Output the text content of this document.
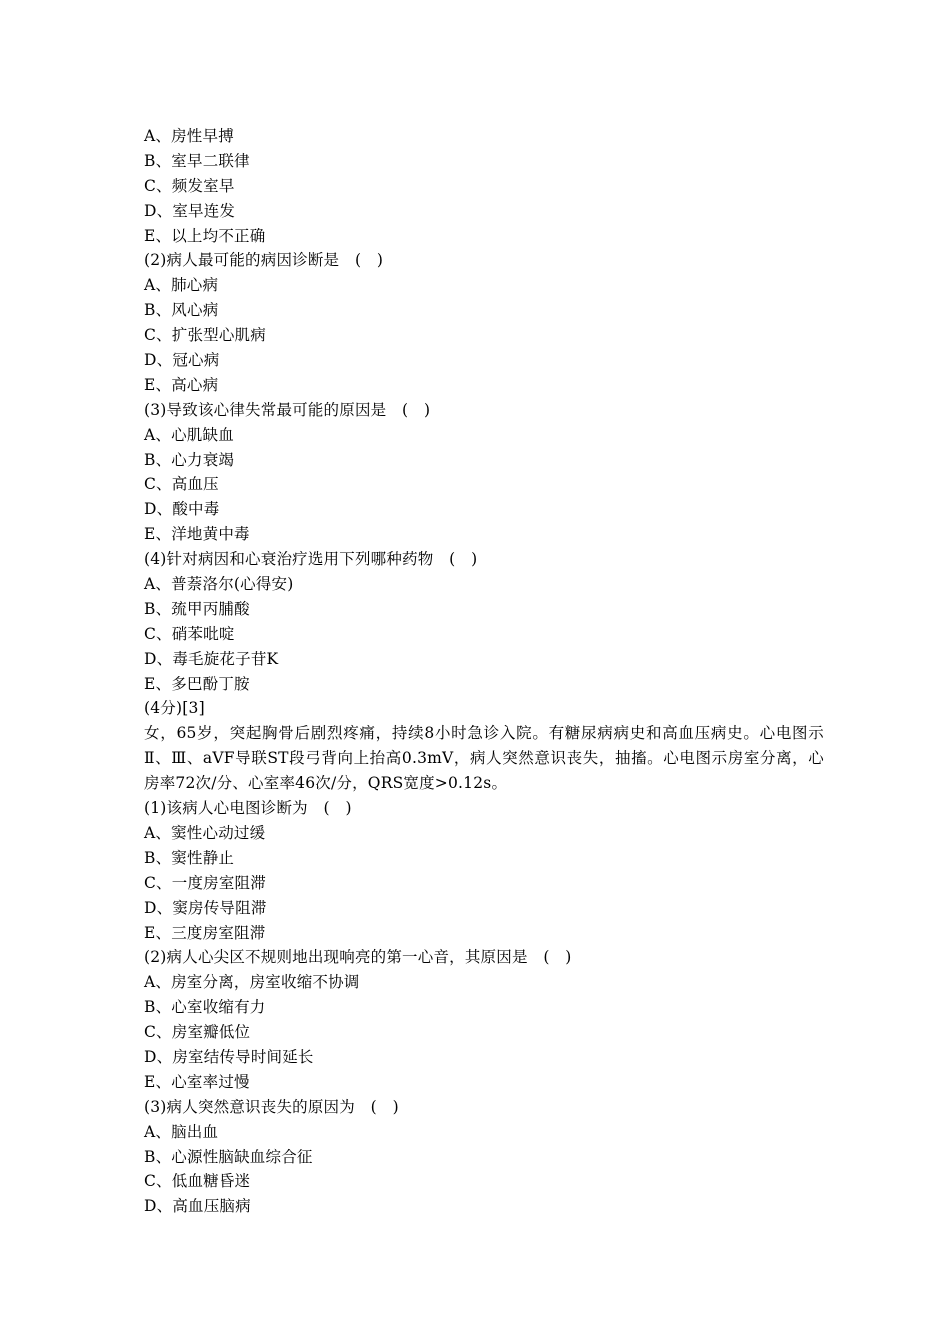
A、房性早搏
B、室早二联律
C、频发室早
D、室早连发
E、以上均不正确
(2)病人最可能的病因诊断是　(　)
A、肺心病
B、风心病
C、扩张型心肌病
D、冠心病
E、高心病
(3)导致该心律失常最可能的原因是　(　)
A、心肌缺血
B、心力衰竭
C、高血压
D、酸中毒
E、洋地黄中毒
(4)针对病因和心衰治疗选用下列哪种药物　(　)
A、普萘洛尔(心得安)
B、巯甲丙脯酸
C、硝苯吡啶
D、毒毛旋花子苷K
E、多巴酚丁胺
(4分)[3]
女，65岁，突起胸骨后剧烈疼痛，持续8小时急诊入院。有糖尿病病史和高血压病史。心电图示Ⅱ、Ⅲ、aVF导联ST段弓背向上抬高0.3mV，病人突然意识丧失，抽搐。心电图示房室分离，心房率72次/分、心室率46次/分，QRS宽度>0.12s。
(1)该病人心电图诊断为　(　)
A、窦性心动过缓
B、窦性静止
C、一度房室阻滞
D、窦房传导阻滞
E、三度房室阻滞
(2)病人心尖区不规则地出现响亮的第一心音，其原因是　(　)
A、房室分离，房室收缩不协调
B、心室收缩有力
C、房室瓣低位
D、房室结传导时间延长
E、心室率过慢
(3)病人突然意识丧失的原因为　(　)
A、脑出血
B、心源性脑缺血综合征
C、低血糖昏迷
D、高血压脑病
